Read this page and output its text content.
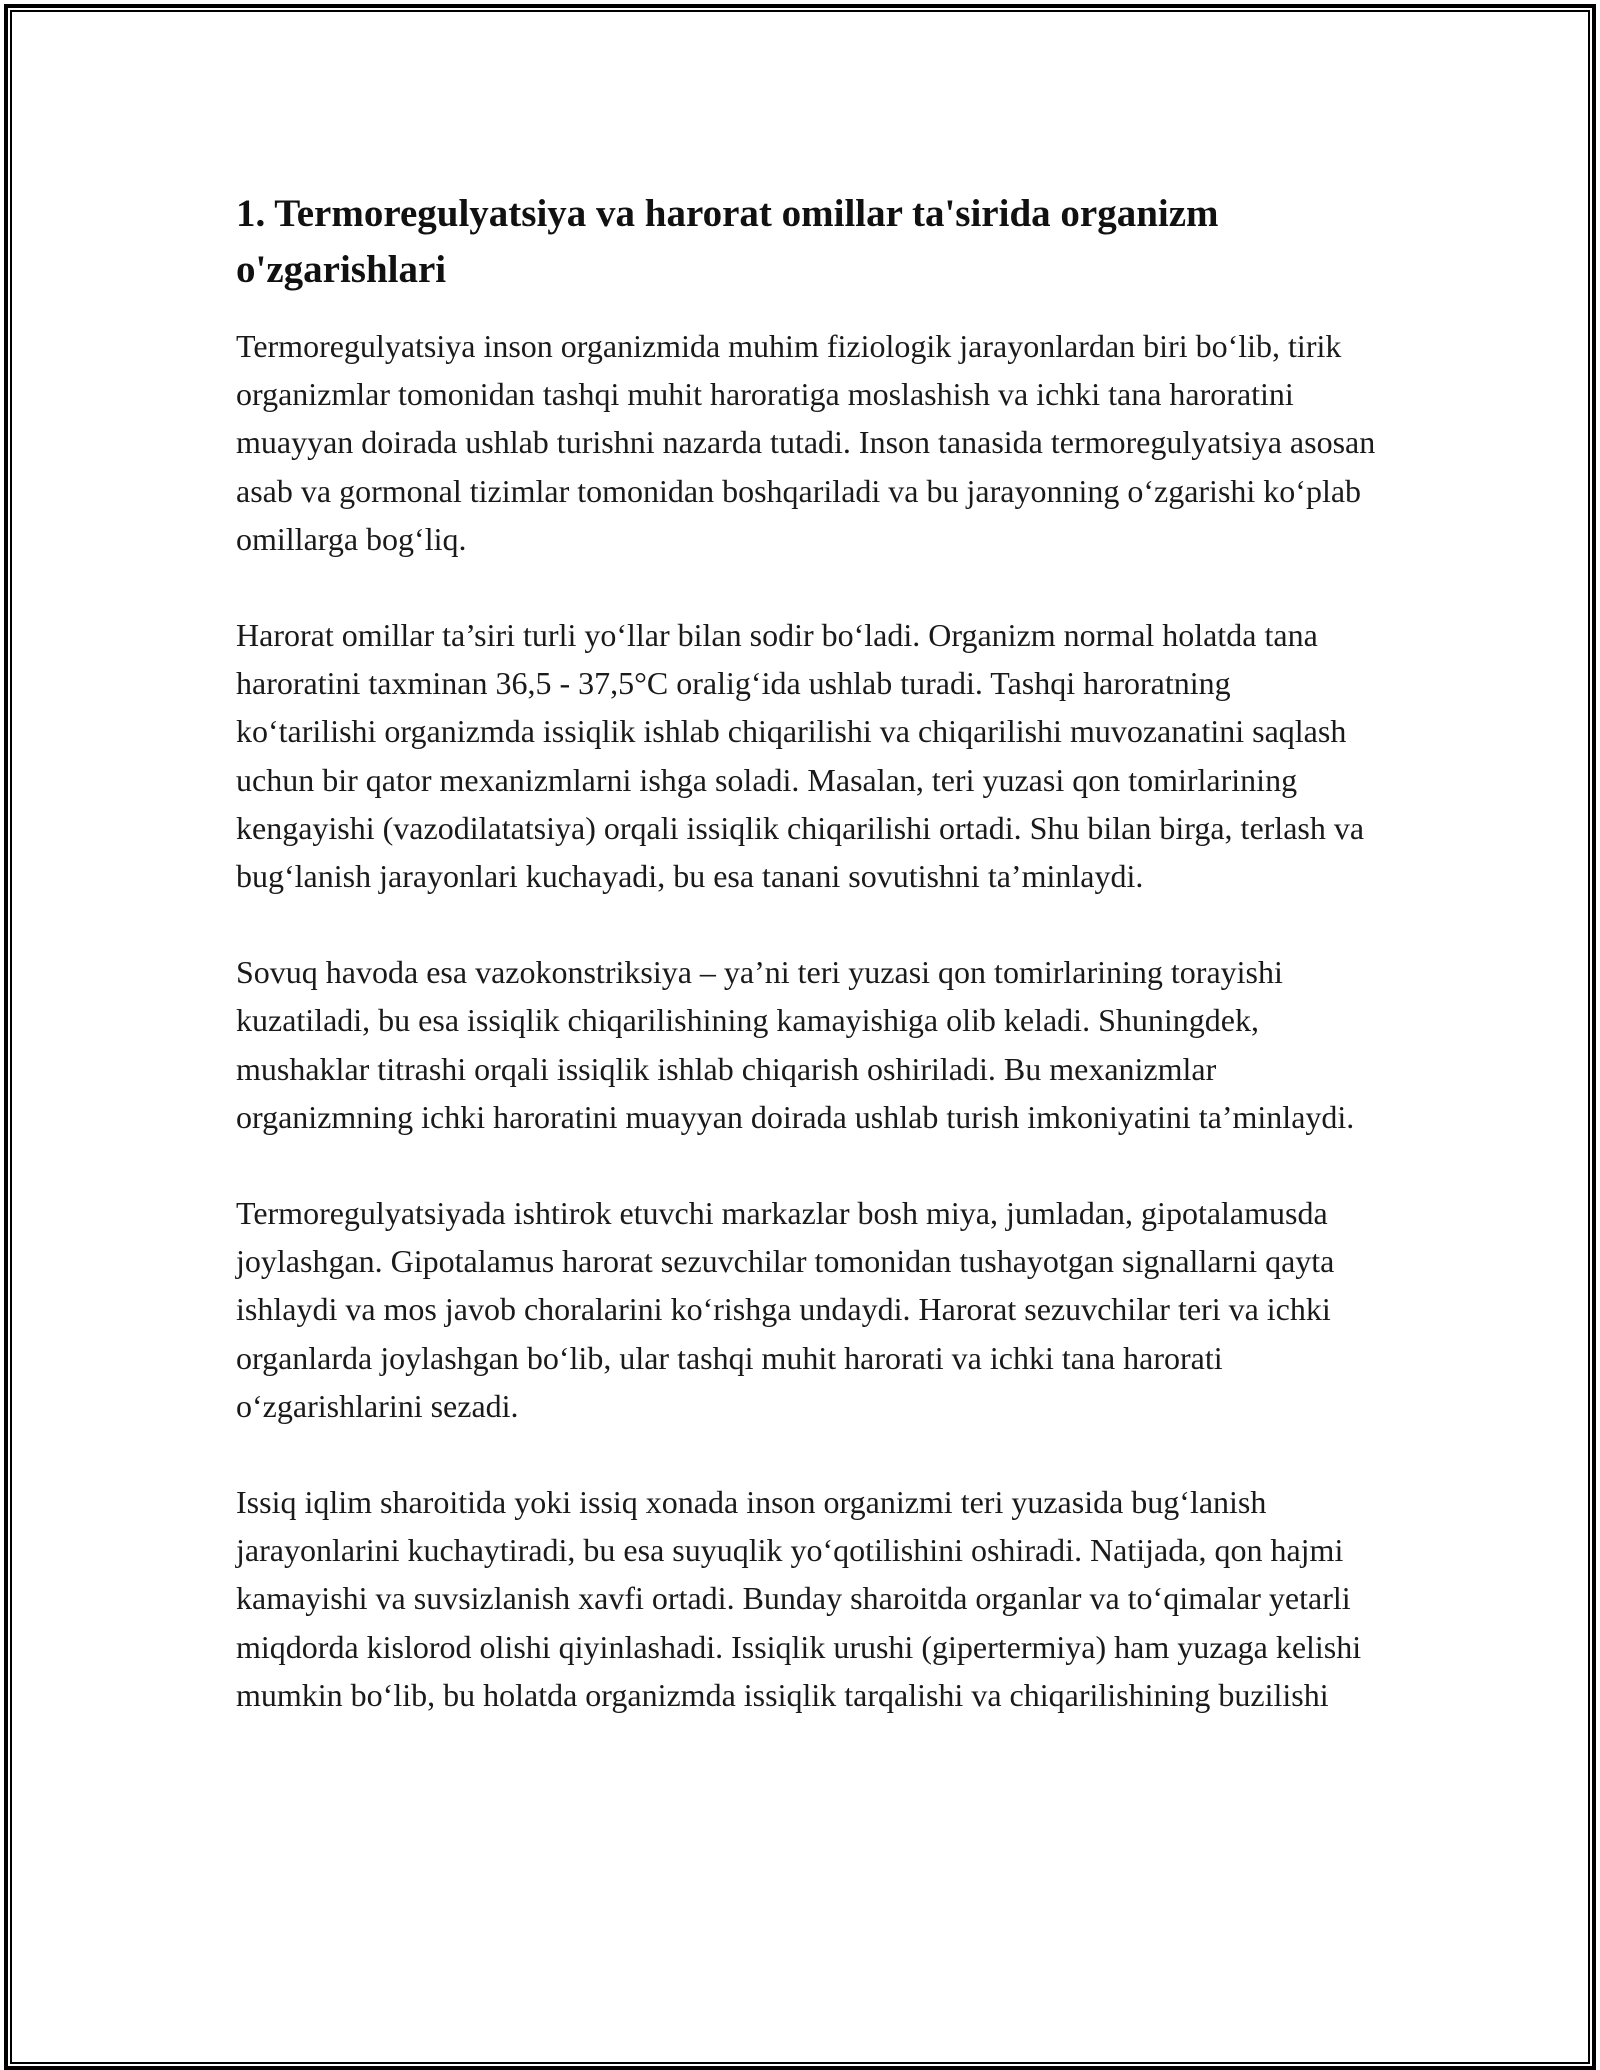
1. Termoregulyatsiya va harorat omillar ta'sirida organizm o'zgarishlari

Termoregulyatsiya inson organizmida muhim fiziologik jarayonlardan biri bo‘lib, tirik organizmlar tomonidan tashqi muhit haroratiga moslashish va ichki tana haroratini muayyan doirada ushlab turishni nazarda tutadi. Inson tanasida termoregulyatsiya asosan asab va gormonal tizimlar tomonidan boshqariladi va bu jarayonning o‘zgarishi ko‘plab omillarga bog‘liq.

Harorat omillar ta’siri turli yo‘llar bilan sodir bo‘ladi. Organizm normal holatda tana haroratini taxminan 36,5 - 37,5°C oralig‘ida ushlab turadi. Tashqi haroratning ko‘tarilishi organizmda issiqlik ishlab chiqarilishi va chiqarilishi muvozanatini saqlash uchun bir qator mexanizmlarni ishga soladi. Masalan, teri yuzasi qon tomirlarining kengayishi (vazodilatatsiya) orqali issiqlik chiqarilishi ortadi. Shu bilan birga, terlash va bug‘lanish jarayonlari kuchayadi, bu esa tanani sovutishni ta’minlaydi.

Sovuq havoda esa vazokonstriksiya – ya’ni teri yuzasi qon tomirlarining torayishi kuzatiladi, bu esa issiqlik chiqarilishining kamayishiga olib keladi. Shuningdek, mushaklar titrashi orqali issiqlik ishlab chiqarish oshiriladi. Bu mexanizmlar organizmning ichki haroratini muayyan doirada ushlab turish imkoniyatini ta’minlaydi.

Termoregulyatsiyada ishtirok etuvchi markazlar bosh miya, jumladan, gipotalamusda joylashgan. Gipotalamus harorat sezuvchilar tomonidan tushayotgan signallarni qayta ishlaydi va mos javob choralarini ko‘rishga undaydi. Harorat sezuvchilar teri va ichki organlarda joylashgan bo‘lib, ular tashqi muhit harorati va ichki tana harorati o‘zgarishlarini sezadi.

Issiq iqlim sharoitida yoki issiq xonada inson organizmi teri yuzasida bug‘lanish jarayonlarini kuchaytiradi, bu esa suyuqlik yo‘qotilishini oshiradi. Natijada, qon hajmi kamayishi va suvsizlanish xavfi ortadi. Bunday sharoitda organlar va to‘qimalar yetarli miqdorda kislorod olishi qiyinlashadi. Issiqlik urushi (gipertermiya) ham yuzaga kelishi mumkin bo‘lib, bu holatda organizmda issiqlik tarqalishi va chiqarilishining buzilishi
